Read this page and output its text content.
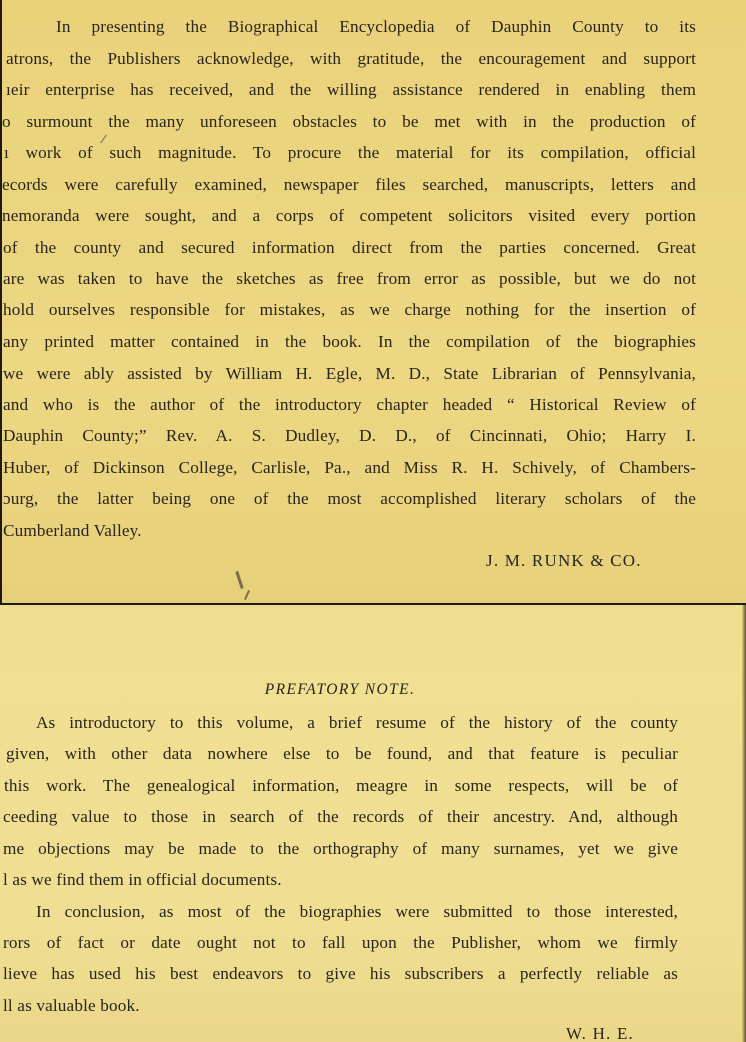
In presenting the Biographical Encyclopedia of Dauphin County to its
atrons, the Publishers acknowledge, with gratitude, the encouragement and support
ıeir enterprise has received, and the willing assistance rendered in enabling them
o surmount the many unforeseen obstacles to be met with in the production of
ı work of such magnitude. To procure the material for its compilation, official
ecords were carefully examined, newspaper files searched, manuscripts, letters and
nemoranda were sought, and a corps of competent solicitors visited every portion
of the county and secured information direct from the parties concerned. Great
are was taken to have the sketches as free from error as possible, but we do not
hold ourselves responsible for mistakes, as we charge nothing for the insertion of
any printed matter contained in the book. In the compilation of the biographies
we were ably assisted by William H. Egle, M. D., State Librarian of Pennsylvania,
and who is the author of the introductory chapter headed “ Historical Review of
Dauphin County;” Rev. A. S. Dudley, D. D., of Cincinnati, Ohio; Harry I.
Huber, of Dickinson College, Carlisle, Pa., and Miss R. H. Schively, of Chambers-
ɔurg, the latter being one of the most accomplished literary scholars of the
Cumberland Valley.
J. M. RUNK & CO.
PREFATORY NOTE.
As introductory to this volume, a brief resume of the history of the county
given, with other data nowhere else to be found, and that feature is peculiar
this work. The genealogical information, meagre in some respects, will be of
ceeding value to those in search of the records of their ancestry. And, although
me objections may be made to the orthography of many surnames, yet we give
l as we find them in official documents.
In conclusion, as most of the biographies were submitted to those interested,
rors of fact or date ought not to fall upon the Publisher, whom we firmly
lieve has used his best endeavors to give his subscribers a perfectly reliable as
ll as valuable book.
W. H. E.
